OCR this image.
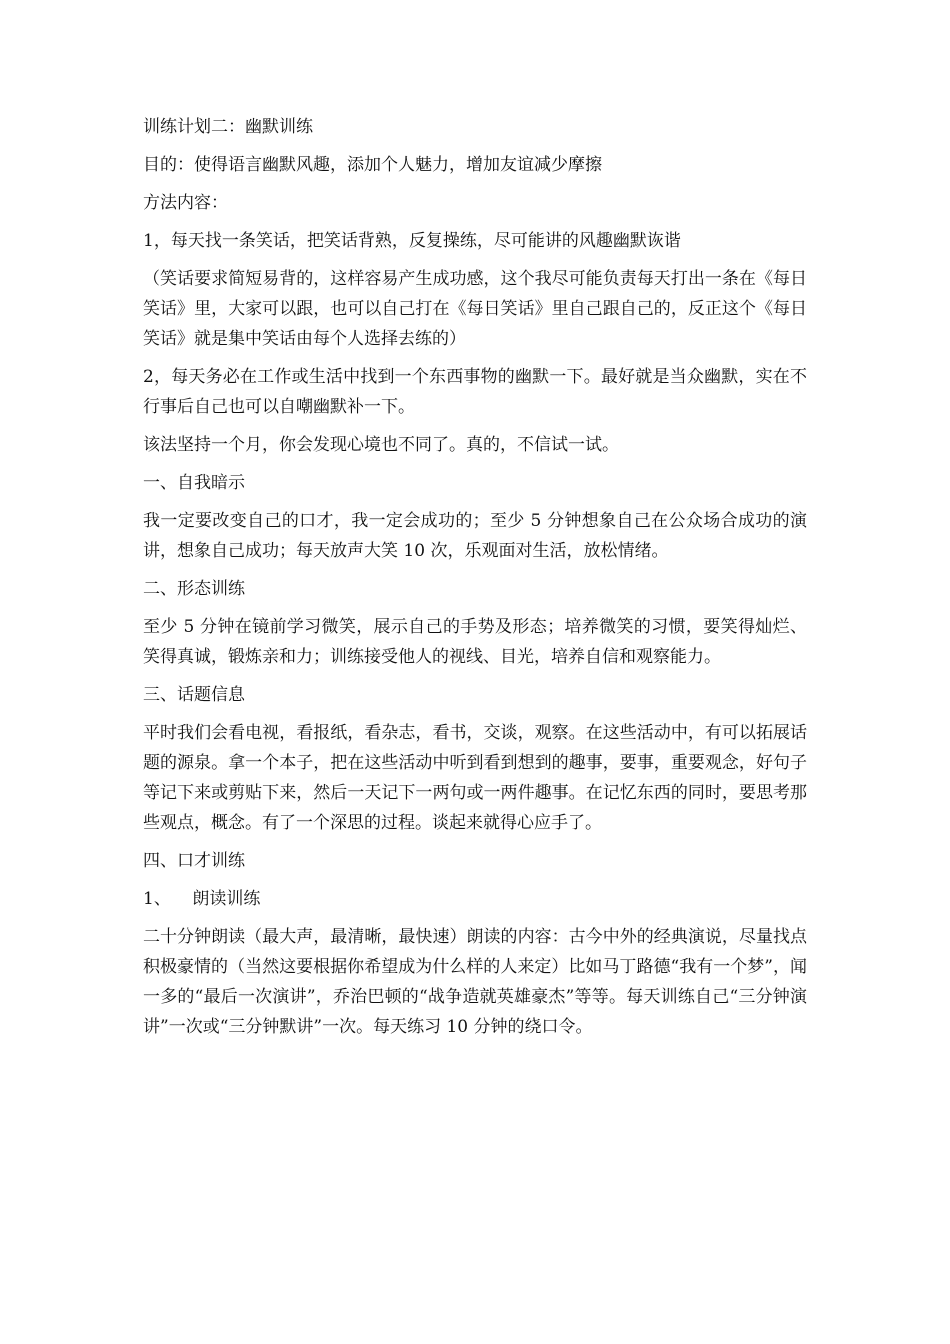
训练计划二：幽默训练

目的：使得语言幽默风趣，添加个人魅力，增加友谊减少摩擦

方法内容：

1，每天找一条笑话，把笑话背熟，反复操练，尽可能讲的风趣幽默诙谐

（笑话要求简短易背的，这样容易产生成功感，这个我尽可能负责每天打出一条在《每日笑话》里，大家可以跟，也可以自己打在《每日笑话》里自己跟自己的，反正这个《每日笑话》就是集中笑话由每个人选择去练的）

2，每天务必在工作或生活中找到一个东西事物的幽默一下。最好就是当众幽默，实在不行事后自己也可以自嘲幽默补一下。

该法坚持一个月，你会发现心境也不同了。真的，不信试一试。

一、自我暗示

我一定要改变自己的口才，我一定会成功的；至少 5 分钟想象自己在公众场合成功的演讲，想象自己成功；每天放声大笑 10 次，乐观面对生活，放松情绪。

二、形态训练

至少 5 分钟在镜前学习微笑，展示自己的手势及形态；培养微笑的习惯，要笑得灿烂、笑得真诚，锻炼亲和力；训练接受他人的视线、目光，培养自信和观察能力。

三、话题信息

平时我们会看电视，看报纸，看杂志，看书，交谈，观察。在这些活动中，有可以拓展话题的源泉。拿一个本子，把在这些活动中听到看到想到的趣事，要事，重要观念，好句子等记下来或剪贴下来，然后一天记下一两句或一两件趣事。在记忆东西的同时，要思考那些观点，概念。有了一个深思的过程。谈起来就得心应手了。

四、口才训练

1、    朗读训练

二十分钟朗读（最大声，最清晰，最快速）朗读的内容：古今中外的经典演说，尽量找点积极豪情的（当然这要根据你希望成为什么样的人来定）比如马丁路德“我有一个梦”，闻一多的“最后一次演讲”，乔治巴顿的“战争造就英雄豪杰”等等。每天训练自己“三分钟演讲”一次或“三分钟默讲”一次。每天练习 10 分钟的绕口令。
